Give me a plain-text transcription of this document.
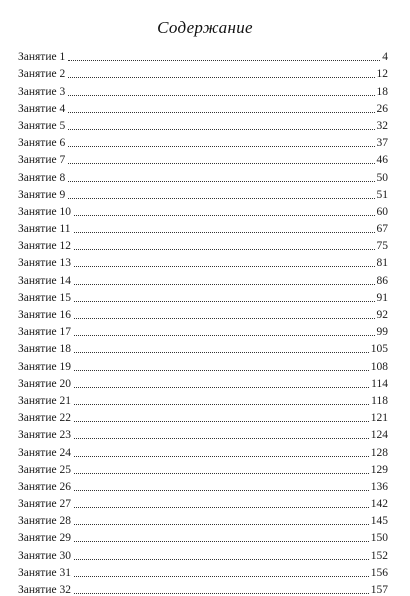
Содержание
Занятие 1	4
Занятие 2	12
Занятие 3	18
Занятие 4	26
Занятие 5	32
Занятие 6	37
Занятие 7	46
Занятие 8	50
Занятие 9	51
Занятие 10	60
Занятие 11	67
Занятие 12	75
Занятие 13	81
Занятие 14	86
Занятие 15	91
Занятие 16	92
Занятие 17	99
Занятие 18	105
Занятие 19	108
Занятие 20	114
Занятие 21	118
Занятие 22	121
Занятие 23	124
Занятие 24	128
Занятие 25	129
Занятие 26	136
Занятие 27	142
Занятие 28	145
Занятие 29	150
Занятие 30	152
Занятие 31	156
Занятие 32	157
